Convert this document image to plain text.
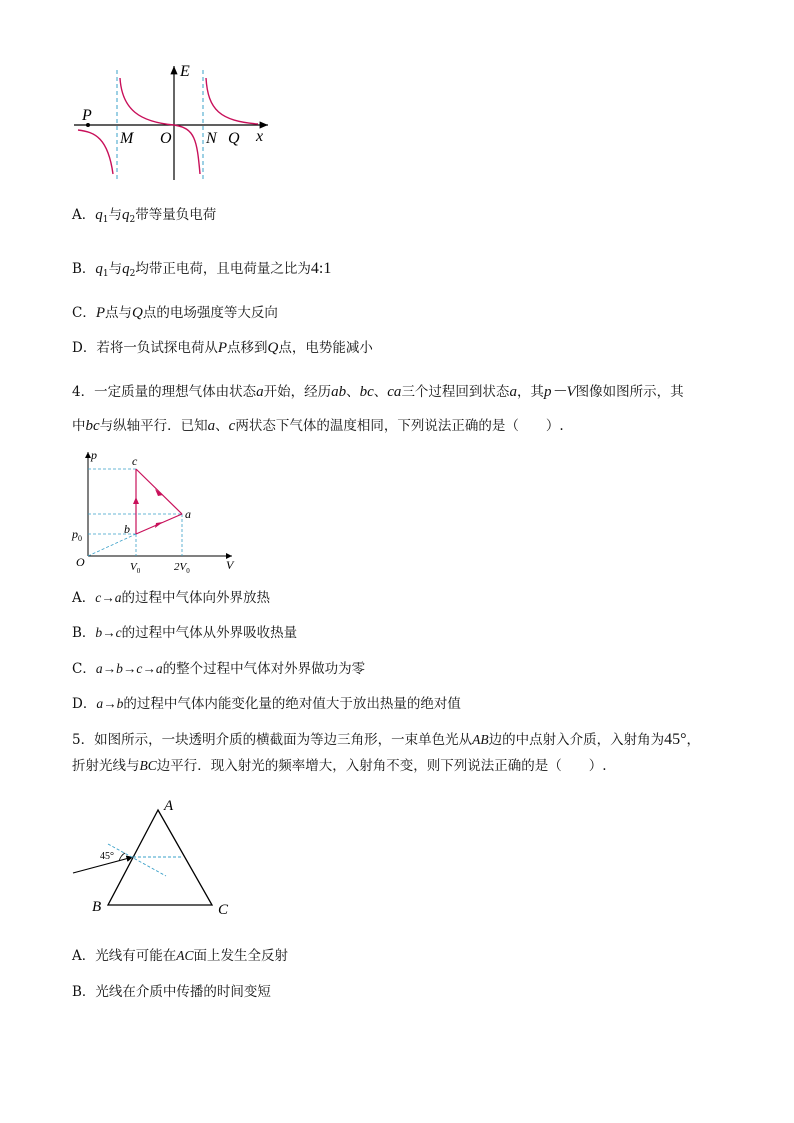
E
x
P
M O N Q
A．$q_1$与$q_2$带等量负电荷
B．$q_1$与$q_2$均带正电荷，且电荷量之比为4:1
C．P点与Q点的电场强度等大反向
D．若将一负试探电荷从P点移到Q点，电势能减小
4．一定质量的理想气体由状态a开始，经历ab、bc、ca三个过程回到状态a，其p－V图像如图所示，其
中bc与纵轴平行．已知a、c两状态下气体的温度相同，下列说法正确的是（　　）.
p
V
O
$p_0$
$V_0$	$2V_0$
a
b
c
A．c→a的过程中气体向外界放热
B．b→c的过程中气体从外界吸收热量
C．a→b→c→a的整个过程中气体对外界做功为零
D．a→b的过程中气体内能变化量的绝对值大于放出热量的绝对值
5．如图所示，一块透明介质的横截面为等边三角形，一束单色光从AB边的中点射入介质，入射角为45°，
折射光线与BC边平行．现入射光的频率增大，入射角不变，则下列说法正确的是（　　）.
45°
A
B	C
A．光线有可能在AC面上发生全反射
B．光线在介质中传播的时间变短
